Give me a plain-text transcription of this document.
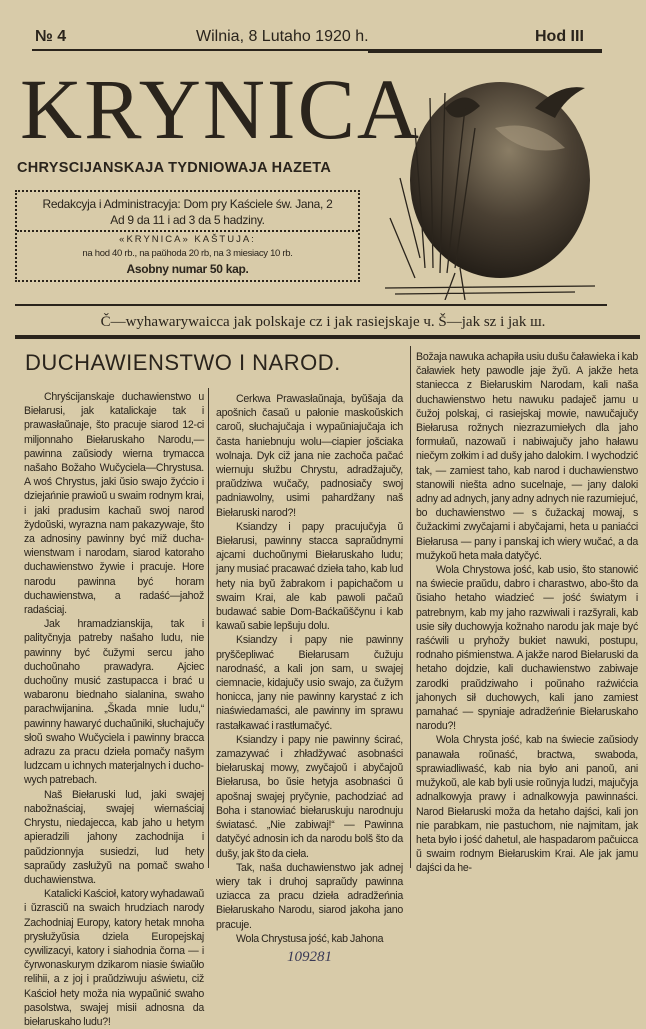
№ 4	Wilnia, 8 Lutaho 1920 h.	Hod III
KRYNICA
CHRYSCIJANSKAJA TYDNIOWAJA HAZETA

Redakcyja i Administracyja: Dom pry Kaściele św. Jana, 2

Ad 9 da 11 i ad 3 da 5 hadziny.

«KRYNICA» KAŠTUJA:

na hod 40 rb., na paŭhoda 20 rb, na 3 miesiacy 10 rb.

Asobny numar 50 kap.

Č—wyhawarywaicca jak polskaje cz i jak rasiejskaje ч. Š—jak sz i jak ш.
DUCHAWIENSTWO I NAROD.

Chryścijanskaje duchawienstwo u Biełarusi, jak katalickaje tak i prawasłaŭnaje, što pracuje siarod 12-ci miljonnaho Biełaruskaho Narodu,—pawinna zaŭsiody wierna trymacca našaho Božaho Wučyciela—Chrystusa. A woś Chrystus, jaki ŭsio swajo žyćcio i dziejańnie prawioŭ u swaim rodnym krai, i jaki pradusim kachaŭ swoj narod žydoŭski, wyrazna nam pakazywaje, što za adnosiny pawinny być miž duchawienstwam i narodam, siarod katoraho duchawienstwo žywie i pracuje. Hore narodu pawinna być horam duchawienstwa, a radaść—jahož radaściaj.

Jak hramadzianskija, tak i palityčnyja patreby našaho ludu, nie pawinny być čužymi sercu jaho duchoŭnaho prawadyra. Ajciec duchoŭny musić zastupacca i brać u wabaronu biednaho sialanina, swaho parachwijanina. „Škada mnie ludu,“ pawinny hawaryć duchaŭniki, słuchajučy słoŭ swaho Wučyciela i pawinny bracca adrazu za pracu dzieła pomačy našym ludzcam u ichnych materjalnych i duchowych patrebach.

Naš Biełaruski lud, jaki swajej nabožnaściaj, swajej wiernaściaj Chrystu, niedajecca, kab jaho u hetym apieradzili jahony zachodnija i paŭdzionnyja susiedzi, lud hety sapraŭdy zasłužyŭ na pomač swaho duchawienstwa.

Katalicki Kaścioł, katory wyhadawaŭ i ŭzrasciŭ na swaich hrudziach narody Zachodniaj Europy, katory hetak mnoha prysłužyŭsia dziela Europejskaj cywilizacyi, katory i siahodnia čorna — i čyrwonaskurym dzikarom niasie świaŭło relihii, a z joj i praŭdziwuju aświetu, ciž Kaścioł hety moža nia wypaŭnić swaho pasolstwa, swajej misii adnosna da biełaruskaho ludu?!

Cerkwa Prawasłaŭnaja, byŭšaja da apošnich časaŭ u pałonie maskoŭskich caroŭ, słuchajučaja i wypaŭniajučaja ich časta haniebnuju wolu—ciapier jošciaka wolnaja. Dyk ciž jana nie zachoča pačać wiernuju słužbu Chrystu, adradžajučy, praŭdziwa wučačy, padnosiačy swoj padniawolny, usimi pahardžany naš Biełaruski narod?!

Ksiandzy i papy pracujučyja ŭ Biełarusi, pawinny stacca sapraŭdnymi ajcami duchoŭnymi Biełaruskaho ludu; jany musiać pracawać dzieła taho, kab lud hety nia byŭ žabrakom i papichačom u swaim Krai, ale kab pawoli pačaŭ budawać sabie Dom-Baćkaŭščynu i kab kawaŭ sabie lepšuju dolu.

Ksiandzy i papy nie pawinny pryščepliwać Biełarusam čužuju narodnaść, a kali jon sam, u swajej ciemnacie, kidajučy usio swajo, za čužym honicca, jany nie pawinny karystać z ich niaświedamaści, ale pawinny im sprawu rastałkawać i rastłumačyć.

Ksiandzy i papy nie pawinny ścirać, zamazywać i zhładžywać asobnaści biełaruskaj mowy, zwyčajoŭ i abyčajoŭ Biełarusa, bo ŭsie hetyja asobnaści ŭ apošnaj swajej pryčynie, pachodziać ad Boha i stanowiać biełaruskuju narodnuju światasć. „Nie zabiwaj!“ — Pawinna datyčyć adnosin ich da narodu bolš što da dušy, jak što da cieła.

Tak, naša duchawienstwo jak adnej wiery tak i druhoj sapraŭdy pawinna uziacca za pracu dzieła adradžeńnia Biełaruskaho Narodu, siarod jakoha jano pracuje.

Wola Chrystusa jość, kab Jahona

109281

Božaja nawuka achapiła usiu dušu čaławieka i kab čaławiek hety pawodle jaje žyŭ. A jakže heta staniecca z Biełaruskim Narodam, kali naša duchawienstwo hetu nawuku padaječ jamu u čužoj polskaj, ci rasiejskaj mowie, nawučajučy Biełarusa rožnych niezrazumiełych dla jaho formułaŭ, nazowaŭ i nabiwajučy jaho haławu niečym zołkim i ad dušy jaho dalokim. I wychodzić tak, — zamiest taho, kab narod i duchawienstwo stanowili niešta adno sucelnaje, — jany daloki adny ad adnych, jany adny adnych nie razumiejuć, bo duchawienstwo — s čužackaj mowaj, s čužackimi zwyčajami i abyčajami, heta u paniaćci Biełarusa — pany i panskaj ich wiery wučać, a da mužykoŭ heta mała datyčyć.

Wola Chrystowa jość, kab usio, što stanowić na świecie praŭdu, dabro i charastwo, abo-što da ŭsiaho hetaho wiadzieć — jość światym i patrebnym, kab my jaho razwiwali i razšyrali, kab usie siły duchowyja kožnaho narodu jak maje być raśćwili u pryhožy bukiet nawuki, postupu, rodnaho piśmienstwa. A jakže narod Biełaruski da hetaho dojdzie, kali duchawienstwo zabiwaje zarodki praŭdziwaho i poŭnaho raźwićcia jahonych sił duchowych, kali jano zamiest pamahać — spyniaje adradžeńnie Biełaruskaho narodu?!

Wola Chrysta jość, kab na świecie zaŭsiody panawała roŭnaść, bractwa, swaboda, sprawiadliwaść, kab nia było ani panoŭ, ani mužykoŭ, ale kab byli usie roŭnyja ludzi, majučyja adnalkowyja prawy i adnalkowyja pawinnaści. Narod Biełaruski moža da hetaho dajści, kali jon nie parabkam, nie pastuchom, nie najmitam, jak heta było i jość dahetul, ale haspadarom pačuicca ŭ swaim rodnym Biełaruskim Krai. Ale jak jamu dajści da he-
